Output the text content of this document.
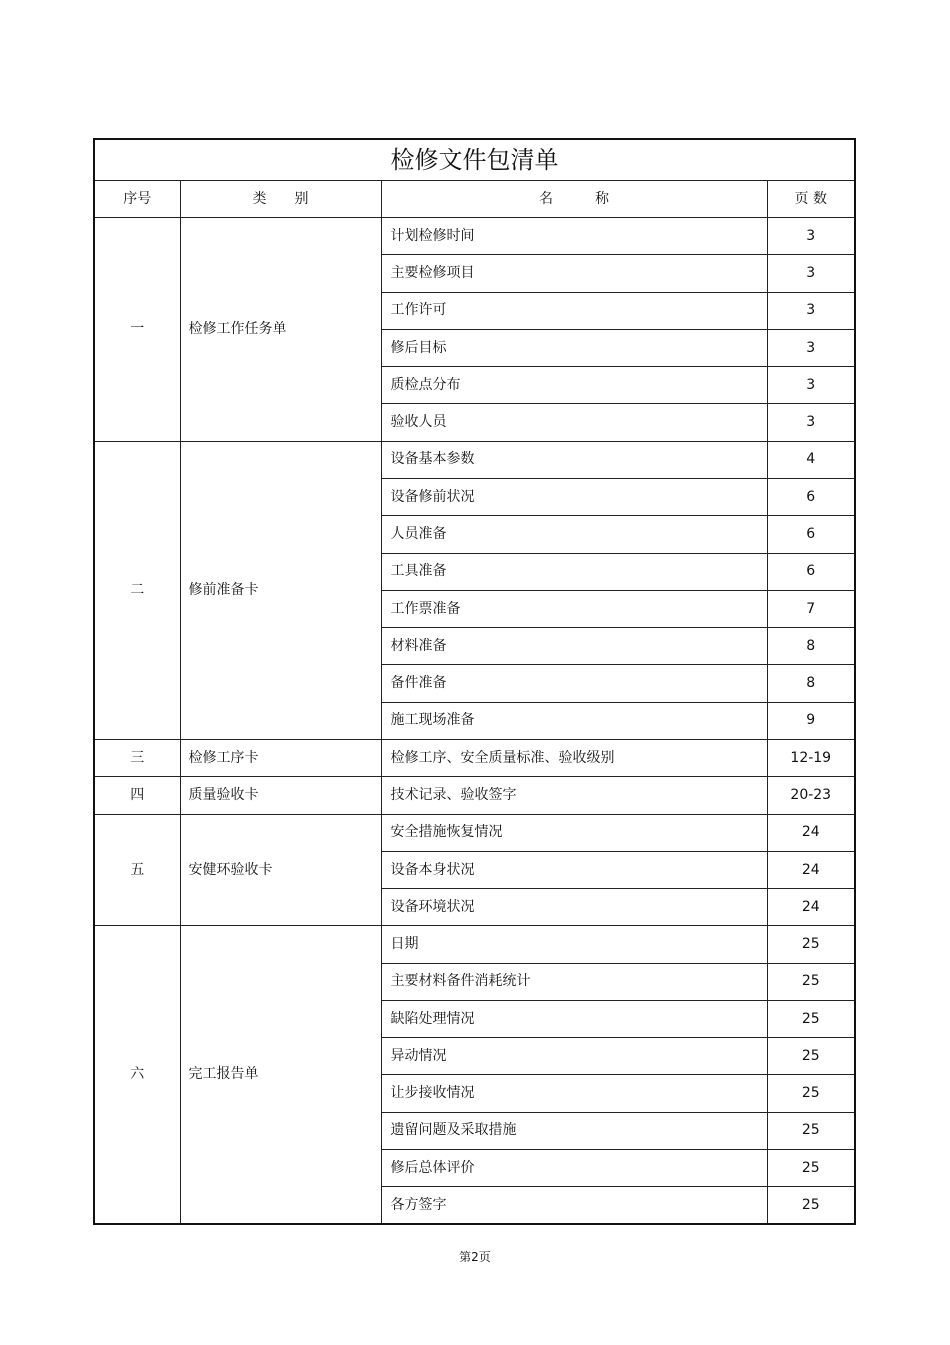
检修文件包清单			
序号	类　　别	名　　　称	页 数
一	检修工作任务单	计划检修时间	3
		主要检修项目	3
		工作许可	3
		修后目标	3
		质检点分布	3
		验收人员	3
二	修前准备卡	设备基本参数	4
		设备修前状况	6
		人员准备	6
		工具准备	6
		工作票准备	7
		材料准备	8
		备件准备	8
		施工现场准备	9
三	检修工序卡	检修工序、安全质量标准、验收级别	12-19
四	质量验收卡	技术记录、验收签字	20-23
五	安健环验收卡	安全措施恢复情况	24
		设备本身状况	24
		设备环境状况	24
六	完工报告单	日期	25
		主要材料备件消耗统计	25
		缺陷处理情况	25
		异动情况	25
		让步接收情况	25
		遗留问题及采取措施	25
		修后总体评价	25
		各方签字	25
第2页
